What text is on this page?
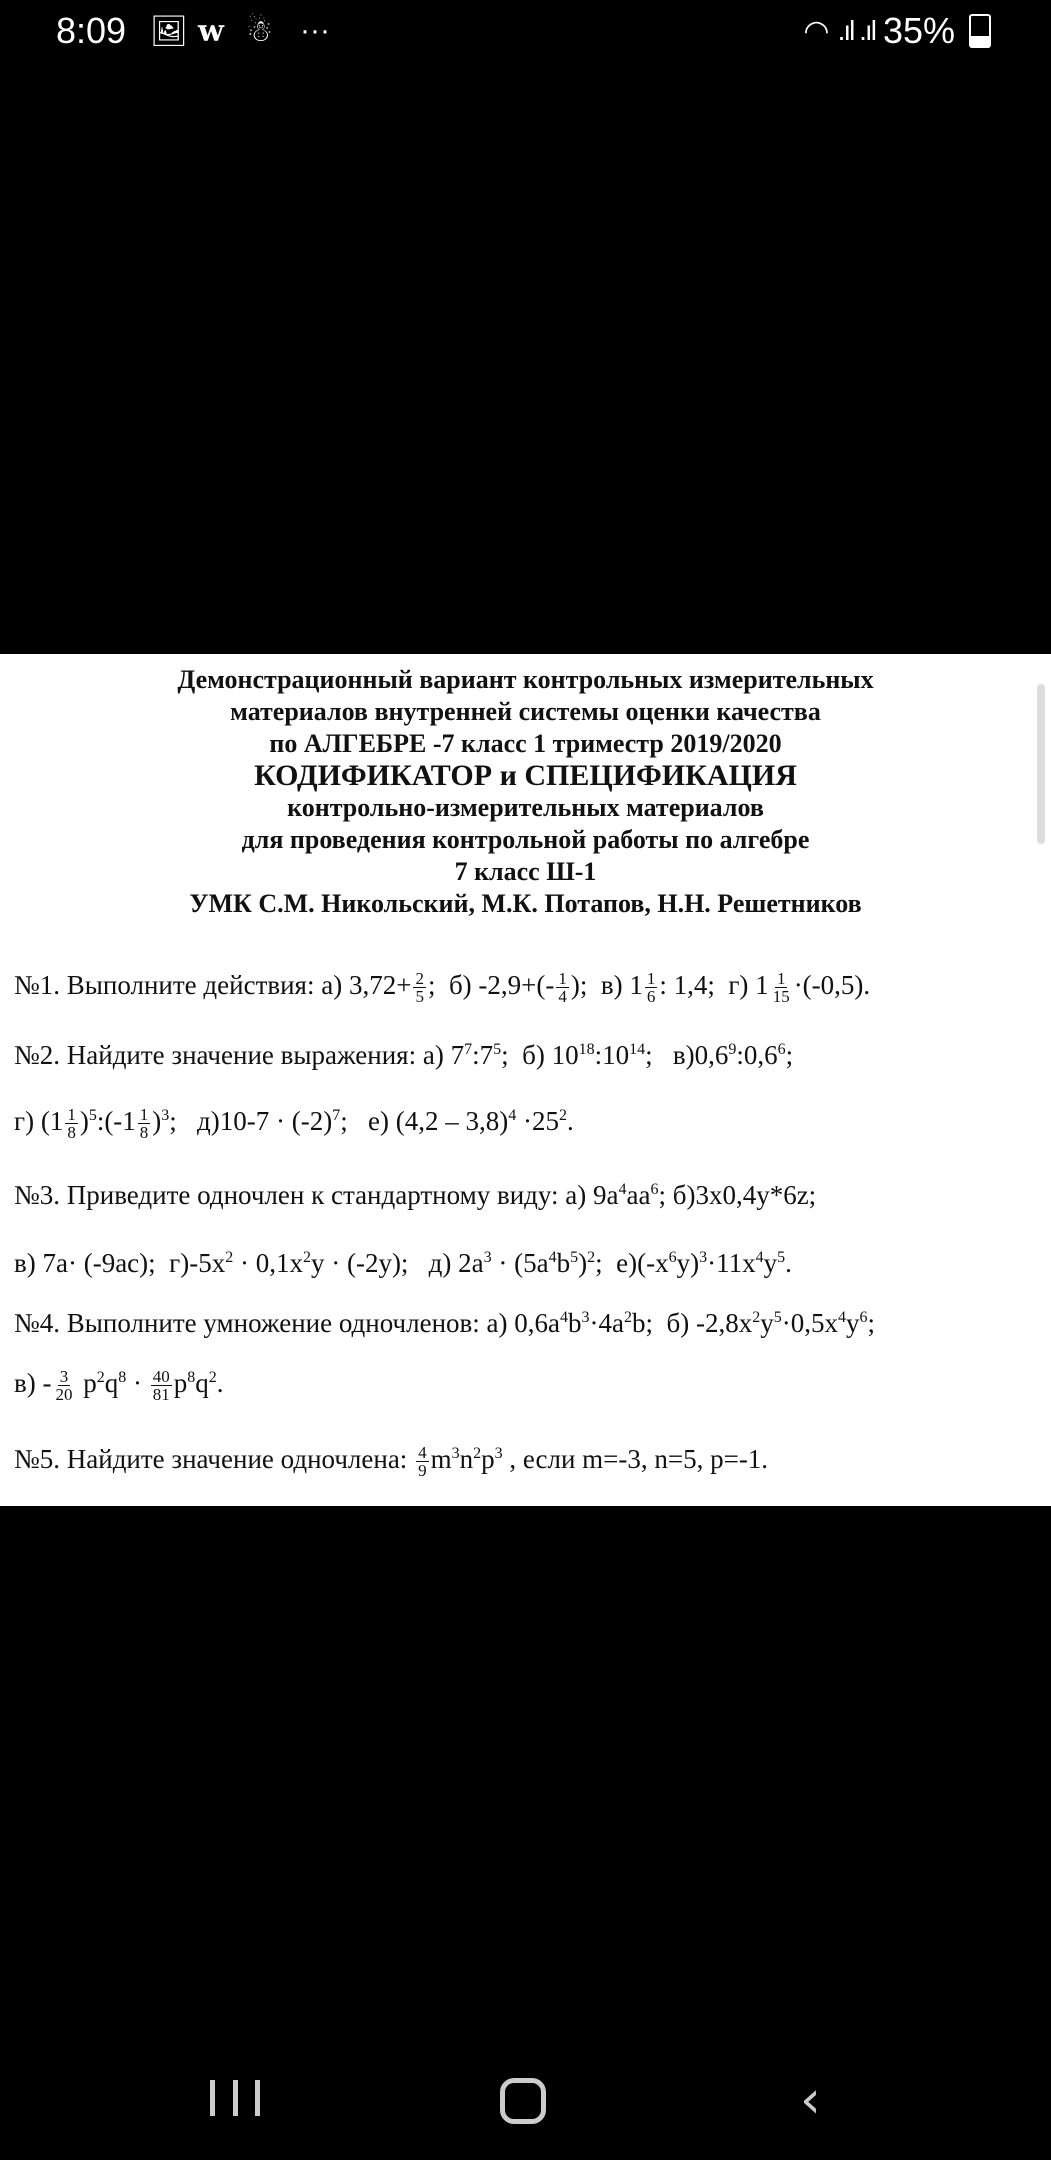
8:09 🖼 w ☃ ···	◠ .ıl .ıl 35%
Демонстрационный вариант контрольных измерительных
материалов внутренней системы оценки качества
по АЛГЕБРЕ -7 класс 1 триместр 2019/2020
КОДИФИКАТОР и СПЕЦИФИКАЦИЯ
контрольно-измерительных материалов
для проведения контрольной работы по алгебре
7 класс Ш-1
УМК С.М. Никольский, М.К. Потапов, Н.Н. Решетников
№1. Выполните действия: а) $3,72+ \frac{2}{5}$ ;  б) $-2,9+(- \frac{1}{4}$ );  в) $1 \frac{1}{6}$ : 1,4;  г) $1 \frac{1}{15} \cdot(-0,5)$.
№2. Найдите значение выражения: а) $7^7:7^5$;  б) $10^{18}:10^{14}$;   $в)0,6^9:0,6^6$;
г) ($1 \frac{1}{8}$ )$^5$:(-1 $\frac{1}{8} )^3$;   $д)10-7 \cdot (-2)^7$;   е) $(4,2 - 3,8)^4 \cdot 25^2$.
№3. Приведите одночлен к стандартному виду: а) $9а^4аа^6$; б)3х0,4у*6z;
в) 7а· (-9ас);  $г)-5х^2 \cdot 0,1х^2у \cdot (-2у)$;   д) $2а^3 \cdot (5а^4b^5)^2$;  $е)(-х^6у)^3\cdot 11х^4у^5$.
№4. Выполните умножение одночленов: а) $0,6а^4b^3\cdot 4а^2b$;  б) $-2,8х^2у^5\cdot 0,5х^4у^6$;
$в) - \frac{3}{20} р^2q^8 \cdot \frac{40}{81} р^8q^2$.
№5. Найдите значение одночлена: $\frac{4}{9} m^3n^2p^3$ , если m=-3, n=5, p=-1.
‹
